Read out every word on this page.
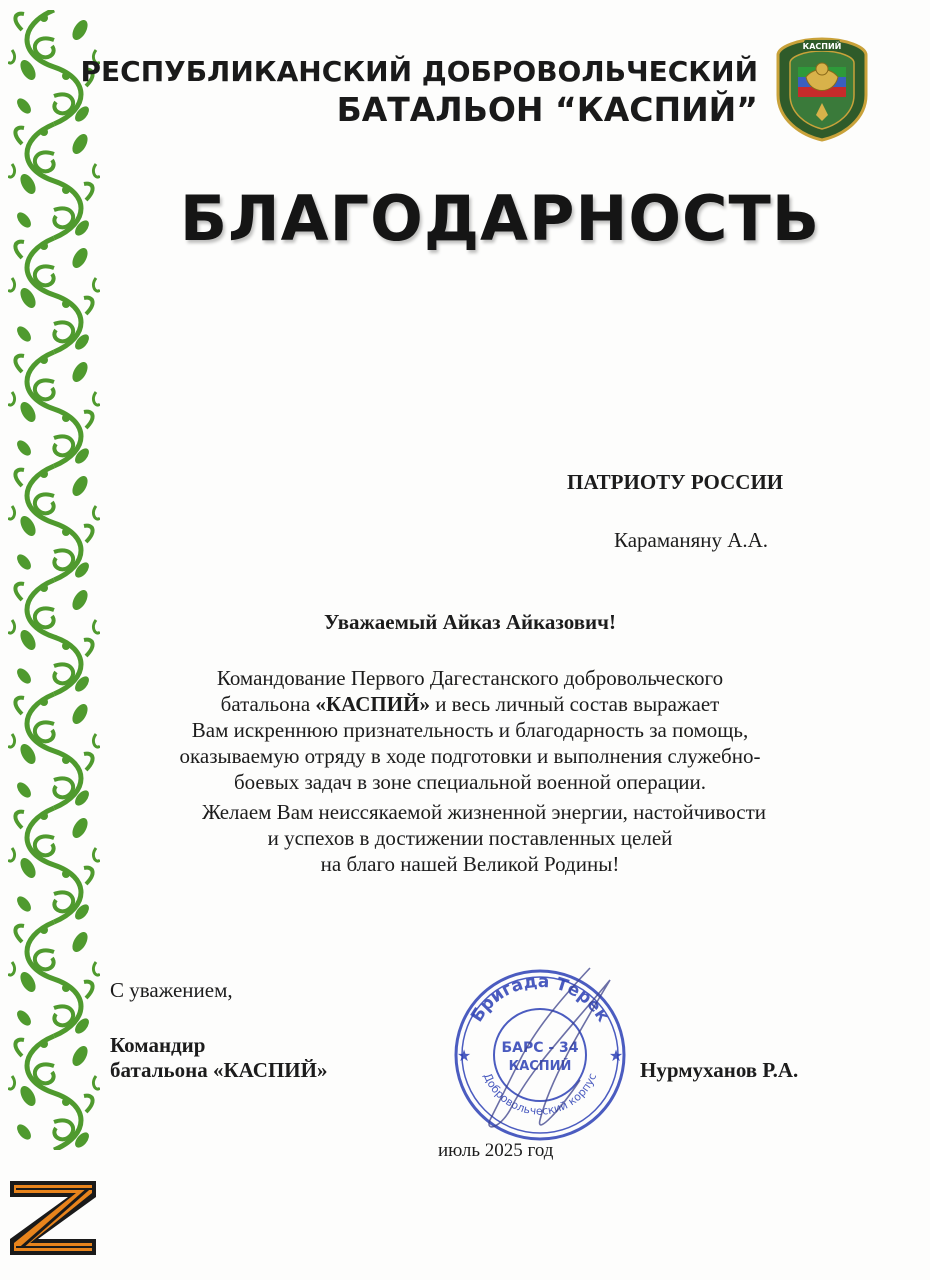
РЕСПУБЛИКАНСКИЙ ДОБРОВОЛЬЧЕСКИЙ
БАТАЛЬОН “КАСПИЙ”
КАСПИЙ
БЛАГОДАРНОСТЬ
ПАТРИОТУ РОССИИ
Караманяну А.А.
Уважаемый Айказ Айказович!
Командование Первого Дагестанского добровольческого
батальона «КАСПИЙ» и весь личный состав выражает
Вам искреннюю признательность и благодарность за помощь,
оказываемую отряду в ходе подготовки и выполнения служебно-
боевых задач в зоне специальной военной операции.
Желаем Вам неиссякаемой жизненной энергии, настойчивости
и успехов в достижении поставленных целей
на благо нашей Великой Родины!
С уважением,
Командир
батальона «КАСПИЙ»	Нурмуханов Р.А.
июль 2025 год
Бригада Терек
Добровольческий корпус
★	★
БАРС - 34
КАСПИЙ
